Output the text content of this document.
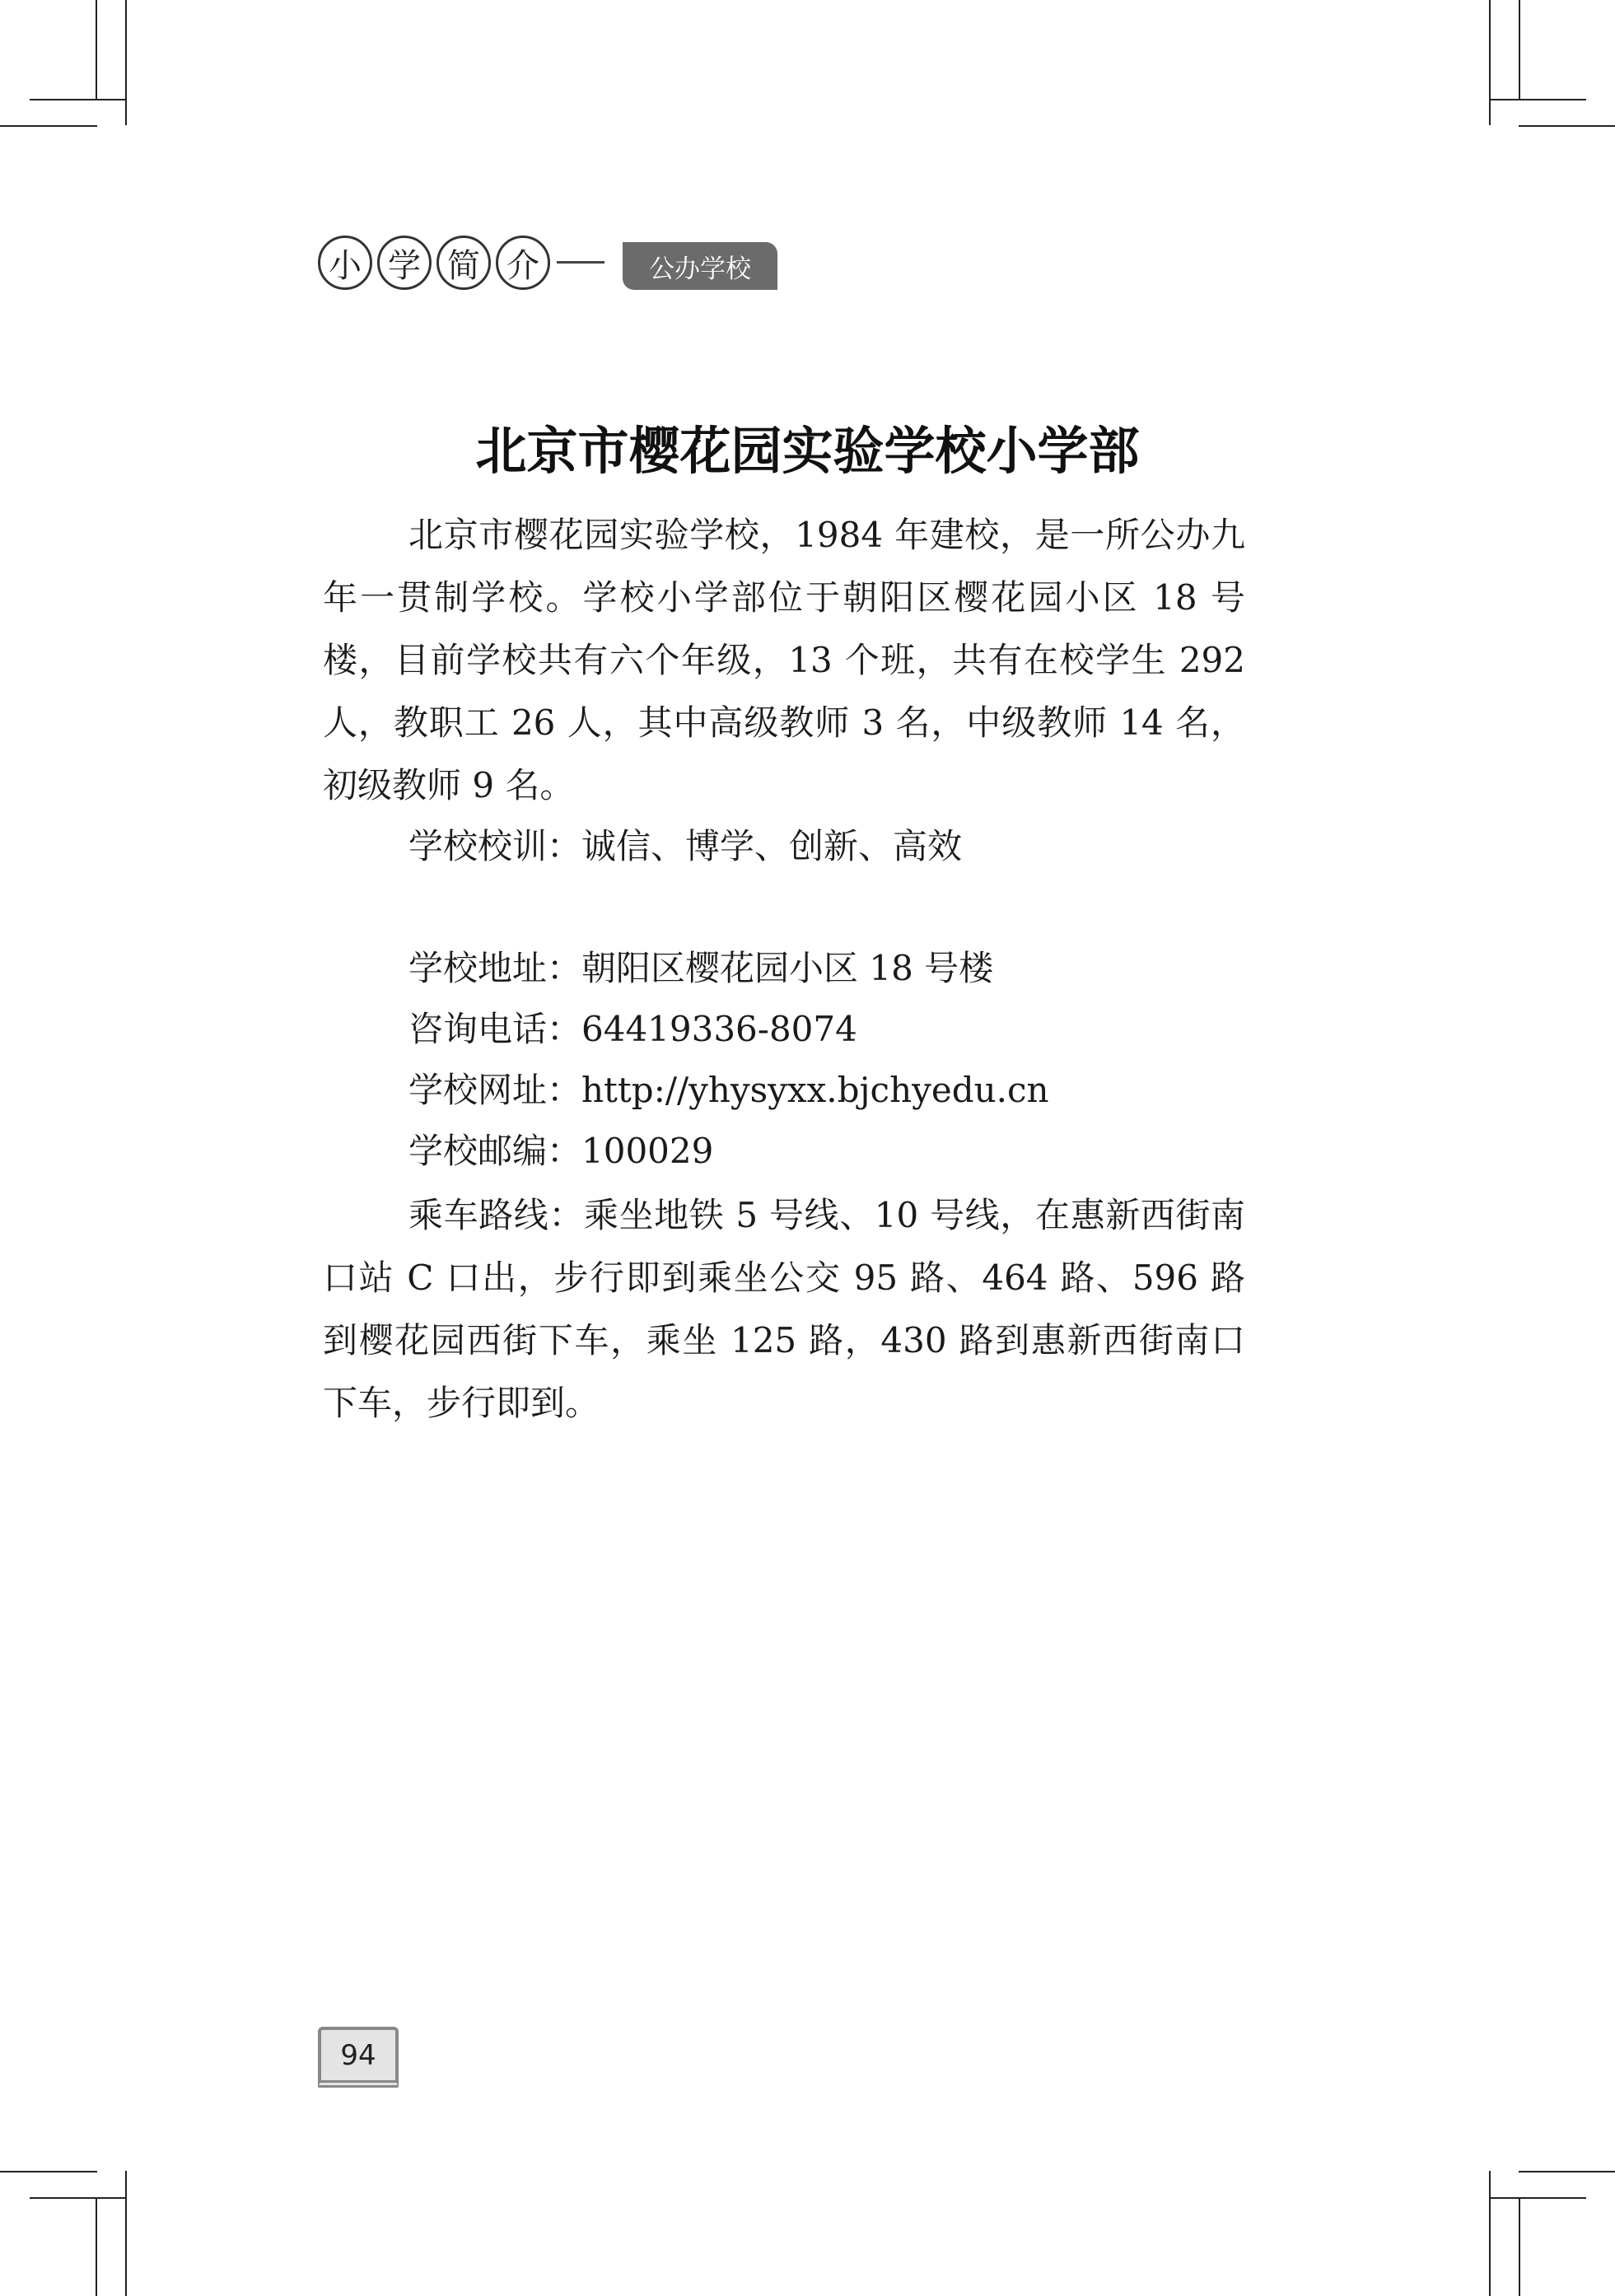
小 学 简 介	公办学校
北京市樱花园实验学校小学部

北京市樱花园实验学校，1984 年建校，是一所公办九年一贯制学校。学校小学部位于朝阳区樱花园小区 18 号楼，目前学校共有六个年级，13 个班，共有在校学生 292 人，教职工 26 人，其中高级教师 3 名，中级教师 14 名，初级教师 9 名。

学校校训：诚信、博学、创新、高效

学校地址：朝阳区樱花园小区 18 号楼

咨询电话：64419336-8074

学校网址：http://yhysyxx.bjchyedu.cn

学校邮编：100029

乘车路线：乘坐地铁 5 号线、10 号线，在惠新西街南口站 C 口出，步行即到乘坐公交 95 路、464 路、596 路到樱花园西街下车，乘坐 125 路，430 路到惠新西街南口下车，步行即到。

94
